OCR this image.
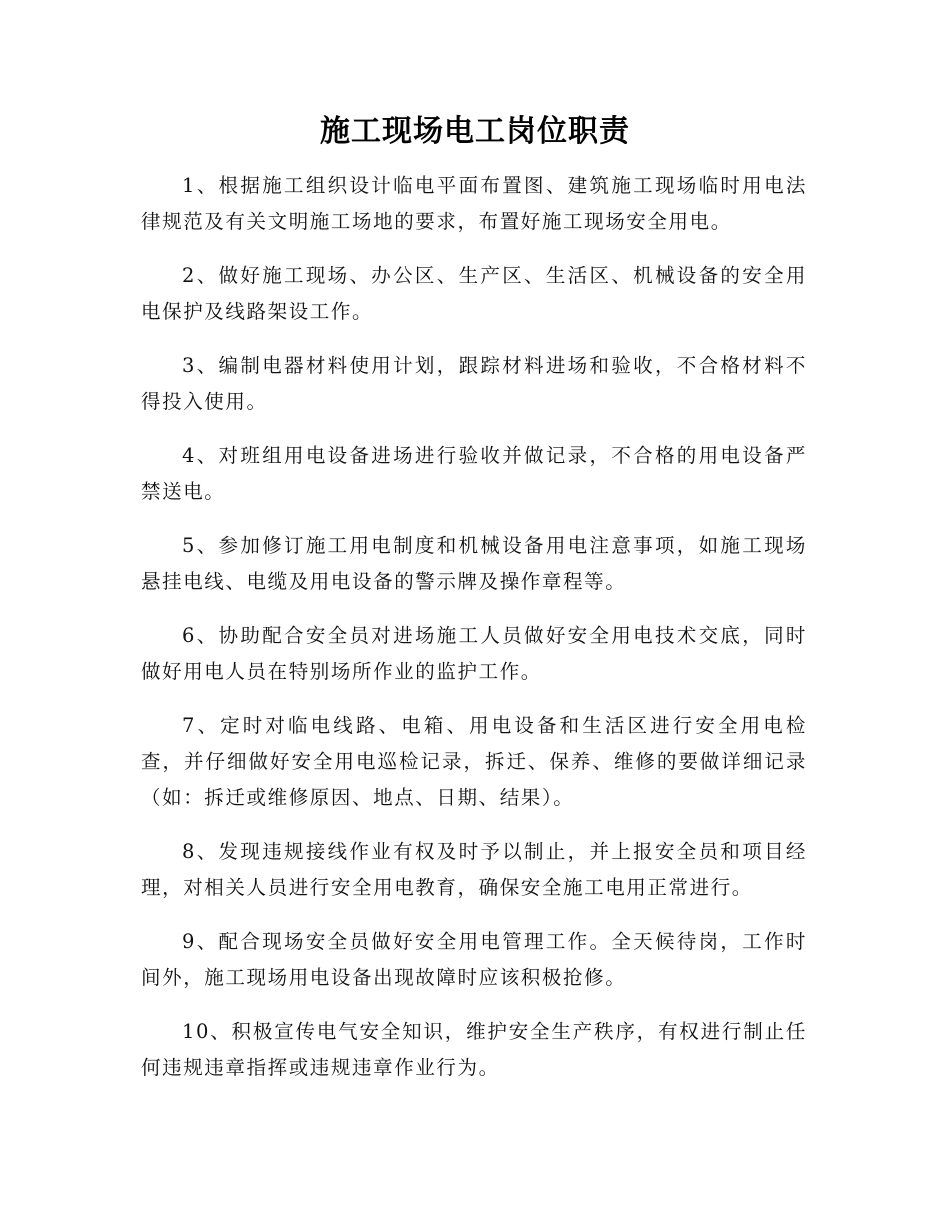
施工现场电工岗位职责

1、根据施工组织设计临电平面布置图、建筑施工现场临时用电法律规范及有关文明施工场地的要求，布置好施工现场安全用电。

2、做好施工现场、办公区、生产区、生活区、机械设备的安全用电保护及线路架设工作。

3、编制电器材料使用计划，跟踪材料进场和验收，不合格材料不得投入使用。

4、对班组用电设备进场进行验收并做记录，不合格的用电设备严禁送电。

5、参加修订施工用电制度和机械设备用电注意事项，如施工现场悬挂电线、电缆及用电设备的警示牌及操作章程等。

6、协助配合安全员对进场施工人员做好安全用电技术交底，同时做好用电人员在特别场所作业的监护工作。

7、定时对临电线路、电箱、用电设备和生活区进行安全用电检查，并仔细做好安全用电巡检记录，拆迁、保养、维修的要做详细记录（如：拆迁或维修原因、地点、日期、结果）。

8、发现违规接线作业有权及时予以制止，并上报安全员和项目经理，对相关人员进行安全用电教育，确保安全施工电用正常进行。

9、配合现场安全员做好安全用电管理工作。全天候待岗，工作时间外，施工现场用电设备出现故障时应该积极抢修。

10、积极宣传电气安全知识，维护安全生产秩序，有权进行制止任何违规违章指挥或违规违章作业行为。
